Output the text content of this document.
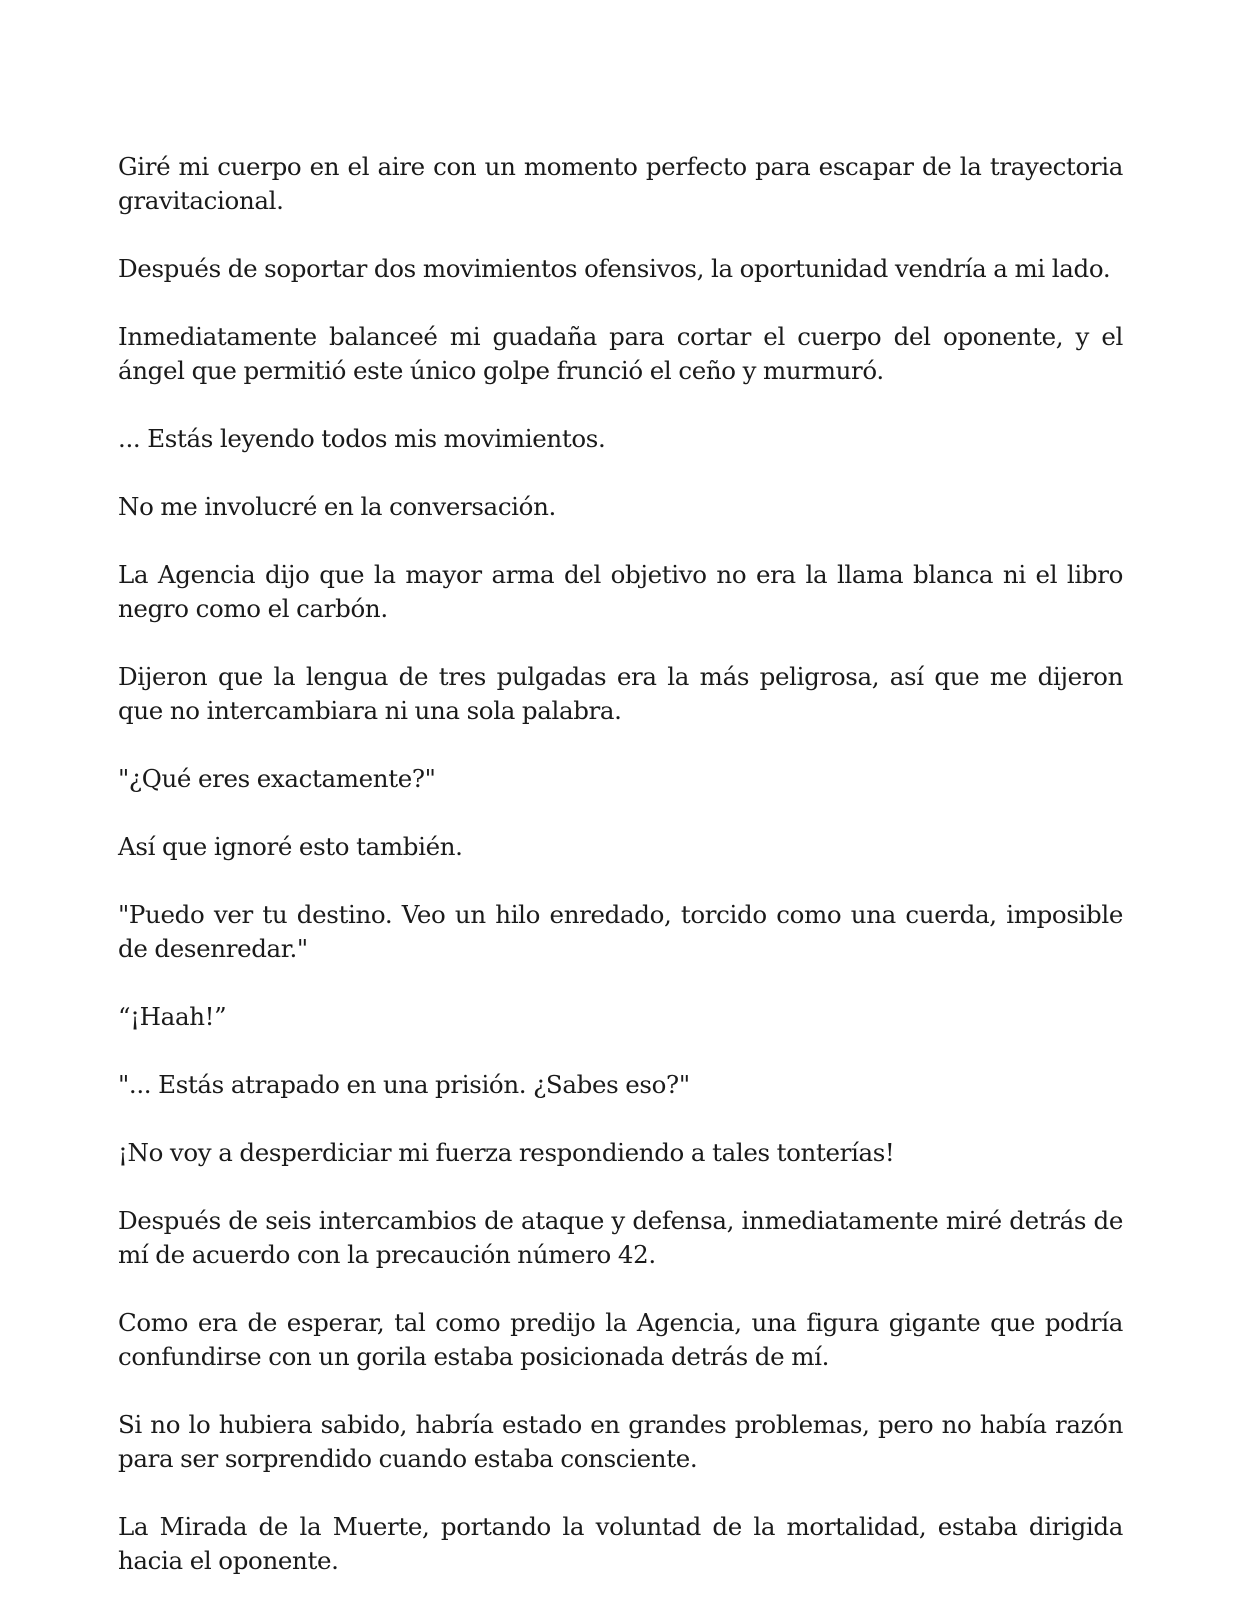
Giré mi cuerpo en el aire con un momento perfecto para escapar de la trayectoria gravitacional.

Después de soportar dos movimientos ofensivos, la oportunidad vendría a mi lado.

Inmediatamente balanceé mi guadaña para cortar el cuerpo del oponente, y el ángel que permitió este único golpe frunció el ceño y murmuró.

... Estás leyendo todos mis movimientos.

No me involucré en la conversación.

La Agencia dijo que la mayor arma del objetivo no era la llama blanca ni el libro negro como el carbón.

Dijeron que la lengua de tres pulgadas era la más peligrosa, así que me dijeron que no intercambiara ni una sola palabra.

"¿Qué eres exactamente?"

Así que ignoré esto también.

"Puedo ver tu destino. Veo un hilo enredado, torcido como una cuerda, imposible de desenredar."

“¡Haah!”

"... Estás atrapado en una prisión. ¿Sabes eso?"

¡No voy a desperdiciar mi fuerza respondiendo a tales tonterías!

Después de seis intercambios de ataque y defensa, inmediatamente miré detrás de mí de acuerdo con la precaución número 42.

Como era de esperar, tal como predijo la Agencia, una figura gigante que podría confundirse con un gorila estaba posicionada detrás de mí.

Si no lo hubiera sabido, habría estado en grandes problemas, pero no había razón para ser sorprendido cuando estaba consciente.

La Mirada de la Muerte, portando la voluntad de la mortalidad, estaba dirigida hacia el oponente.
